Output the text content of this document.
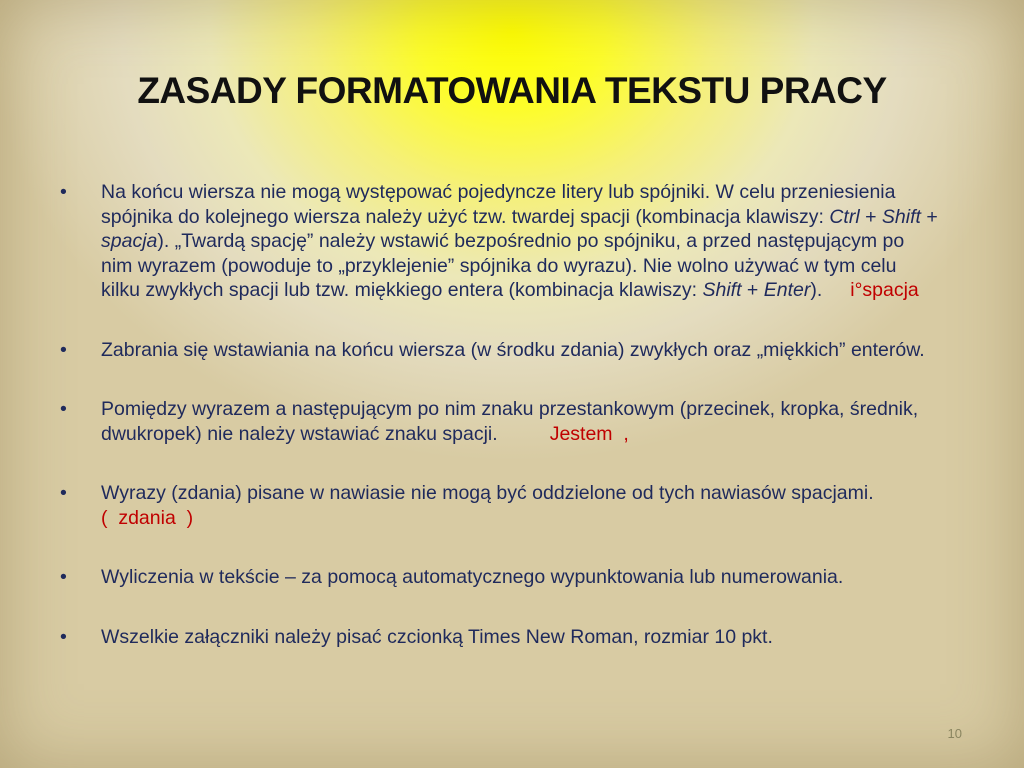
ZASADY FORMATOWANIA TEKSTU PRACY
• Na końcu wiersza nie mogą występować pojedyncze litery lub spójniki. W celu przeniesienia spójnika do kolejnego wiersza należy użyć tzw. twardej spacji (kombinacja klawiszy: Ctrl + Shift + spacja). „Twardą spację” należy wstawić bezpośrednio po spójniku, a przed następującym po nim wyrazem (powoduje to „przyklejenie” spójnika do wyrazu). Nie wolno używać w tym celu kilku zwykłych spacji lub tzw. miękkiego entera (kombinacja klawiszy: Shift + Enter). i°spacja
• Zabrania się wstawiania na końcu wiersza (w środku zdania) zwykłych oraz „miękkich” enterów.
• Pomiędzy wyrazem a następującym po nim znaku przestankowym (przecinek, kropka, średnik, dwukropek) nie należy wstawiać znaku spacji.	Jestem  ,
• Wyrazy (zdania) pisane w nawiasie nie mogą być oddzielone od tych nawiasów spacjami.(  zdania  )
• Wyliczenia w tekście – za pomocą automatycznego wypunktowania lub numerowania.
• Wszelkie załączniki należy pisać czcionką Times New Roman, rozmiar 10 pkt.
10
